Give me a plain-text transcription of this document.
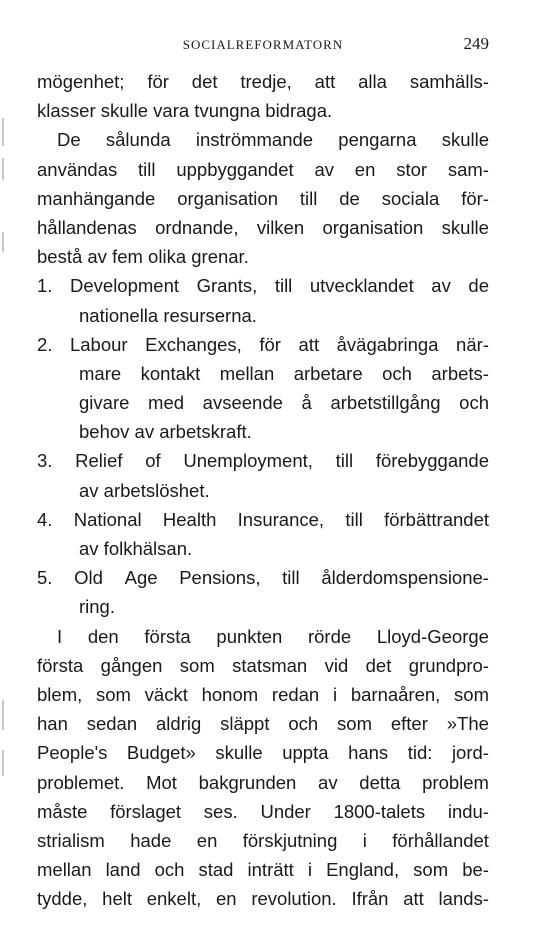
SOCIALREFORMATORN	249
mögenhet; för det tredje, att alla samhälls-
klasser skulle vara tvungna bidraga.
De sålunda inströmmande pengarna skulle
användas till uppbyggandet av en stor sam-
manhängande organisation till de sociala för-
hållandenas ordnande, vilken organisation skulle
bestå av fem olika grenar.
1. Development Grants, till utvecklandet av de
nationella resurserna.
2. Labour Exchanges, för att åvägabringa när-
mare kontakt mellan arbetare och arbets-
givare med avseende å arbetstillgång och
behov av arbetskraft.
3. Relief of Unemployment, till förebyggande
av arbetslöshet.
4. National Health Insurance, till förbättrandet
av folkhälsan.
5. Old Age Pensions, till ålderdomspensione-
ring.
I den första punkten rörde Lloyd-George
första gången som statsman vid det grundpro-
blem, som väckt honom redan i barnaåren, som
han sedan aldrig släppt och som efter »The
People's Budget» skulle uppta hans tid: jord-
problemet. Mot bakgrunden av detta problem
måste förslaget ses. Under 1800-talets indu-
strialism hade en förskjutning i förhållandet
mellan land och stad inträtt i England, som be-
tydde, helt enkelt, en revolution. Ifrån att lands-
